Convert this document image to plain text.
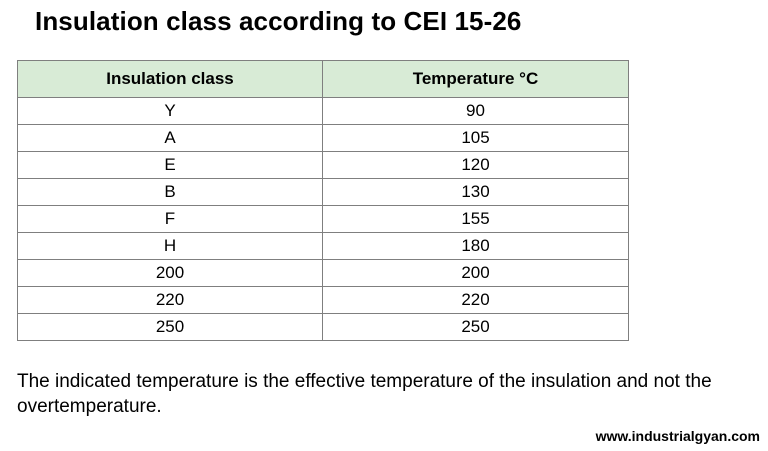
Insulation class according to CEI 15-26
Insulation class	Temperature °C
Y	90
A	105
E	120
B	130
F	155
H	180
200	200
220	220
250	250
The indicated temperature is the effective temperature of the insulation and not the overtemperature.
www.industrialgyan.com
